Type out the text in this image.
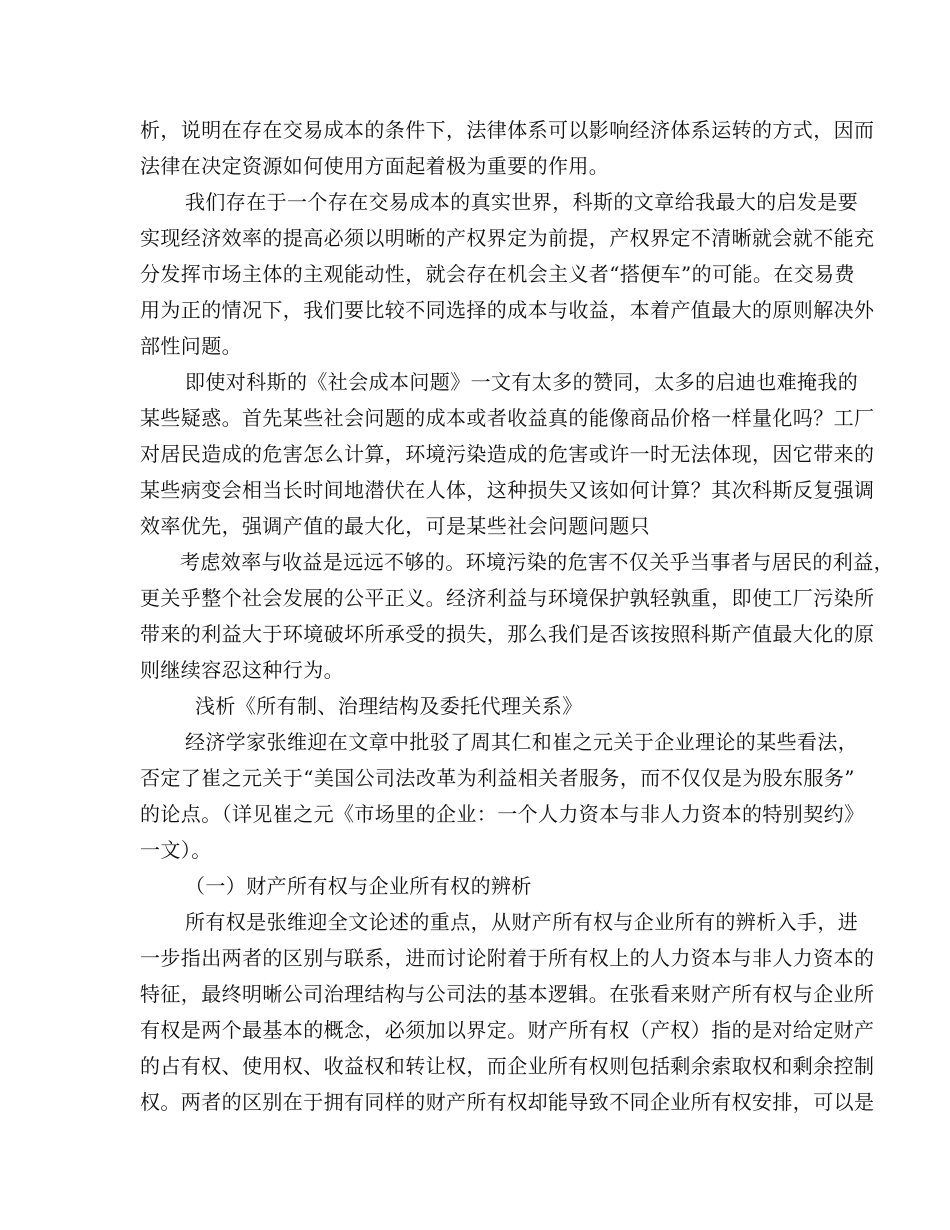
析，说明在存在交易成本的条件下，法律体系可以影响经济体系运转的方式，因而
法律在决定资源如何使用方面起着极为重要的作用。
我们存在于一个存在交易成本的真实世界，科斯的文章给我最大的启发是要
实现经济效率的提高必须以明晰的产权界定为前提，产权界定不清晰就会就不能充
分发挥市场主体的主观能动性，就会存在机会主义者“搭便车”的可能。在交易费
用为正的情况下，我们要比较不同选择的成本与收益，本着产值最大的原则解决外
部性问题。
即使对科斯的《社会成本问题》一文有太多的赞同，太多的启迪也难掩我的
某些疑惑。首先某些社会问题的成本或者收益真的能像商品价格一样量化吗？工厂
对居民造成的危害怎么计算，环境污染造成的危害或许一时无法体现，因它带来的
某些病变会相当长时间地潜伏在人体，这种损失又该如何计算？其次科斯反复强调
效率优先，强调产值的最大化，可是某些社会问题问题只
考虑效率与收益是远远不够的。环境污染的危害不仅关乎当事者与居民的利益，
更关乎整个社会发展的公平正义。经济利益与环境保护孰轻孰重，即使工厂污染所
带来的利益大于环境破坏所承受的损失，那么我们是否该按照科斯产值最大化的原
则继续容忍这种行为。
浅析《所有制、治理结构及委托代理关系》
经济学家张维迎在文章中批驳了周其仁和崔之元关于企业理论的某些看法，
否定了崔之元关于“美国公司法改革为利益相关者服务，而不仅仅是为股东服务”
的论点。（详见崔之元《市场里的企业：一个人力资本与非人力资本的特别契约》
一文）。
（一）财产所有权与企业所有权的辨析
所有权是张维迎全文论述的重点，从财产所有权与企业所有的辨析入手，进
一步指出两者的区别与联系，进而讨论附着于所有权上的人力资本与非人力资本的
特征，最终明晰公司治理结构与公司法的基本逻辑。在张看来财产所有权与企业所
有权是两个最基本的概念，必须加以界定。财产所有权（产权）指的是对给定财产
的占有权、使用权、收益权和转让权，而企业所有权则包括剩余索取权和剩余控制
权。两者的区别在于拥有同样的财产所有权却能导致不同企业所有权安排，可以是
